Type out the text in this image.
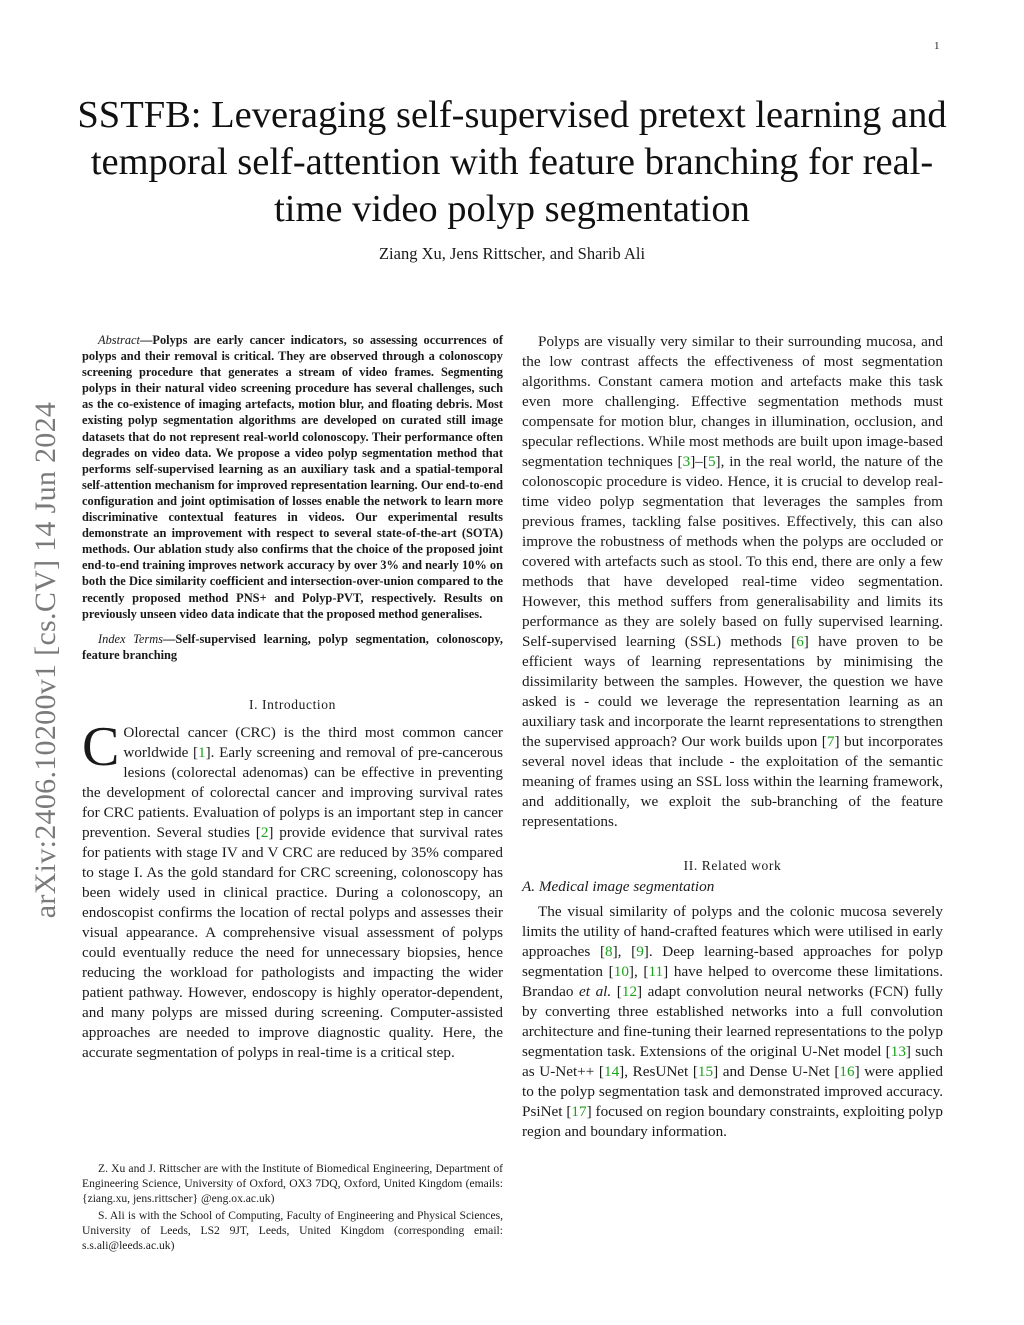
1
arXiv:2406.10200v1 [cs.CV] 14 Jun 2024
SSTFB: Leveraging self-supervised pretext learning and temporal self-attention with feature branching for real-time video polyp segmentation
Ziang Xu, Jens Rittscher, and Sharib Ali

Abstract—Polyps are early cancer indicators, so assessing occurrences of polyps and their removal is critical. They are observed through a colonoscopy screening procedure that generates a stream of video frames. Segmenting polyps in their natural video screening procedure has several challenges, such as the co-existence of imaging artefacts, motion blur, and floating debris. Most existing polyp segmentation algorithms are developed on curated still image datasets that do not represent real-world colonoscopy. Their performance often degrades on video data. We propose a video polyp segmentation method that performs self-supervised learning as an auxiliary task and a spatial-temporal self-attention mechanism for improved representation learning. Our end-to-end configuration and joint optimisation of losses enable the network to learn more discriminative contextual features in videos. Our experimental results demonstrate an improvement with respect to several state-of-the-art (SOTA) methods. Our ablation study also confirms that the choice of the proposed joint end-to-end training improves network accuracy by over 3% and nearly 10% on both the Dice similarity coefficient and intersection-over-union compared to the recently proposed method PNS+ and Polyp-PVT, respectively. Results on previously unseen video data indicate that the proposed method generalises.

Index Terms—Self-supervised learning, polyp segmentation, colonoscopy, feature branching

I. Introduction

C Olorectal cancer (CRC) is the third most common cancer worldwide [1]. Early screening and removal of pre-cancerous lesions (colorectal adenomas) can be effective in preventing the development of colorectal cancer and improving survival rates for CRC patients. Evaluation of polyps is an important step in cancer prevention. Several studies [2] provide evidence that survival rates for patients with stage IV and V CRC are reduced by 35% compared to stage I. As the gold standard for CRC screening, colonoscopy has been widely used in clinical practice. During a colonoscopy, an endoscopist confirms the location of rectal polyps and assesses their visual appearance. A comprehensive visual assessment of polyps could eventually reduce the need for unnecessary biopsies, hence reducing the workload for pathologists and impacting the wider patient pathway. However, endoscopy is highly operator-dependent, and many polyps are missed during screening. Computer-assisted approaches are needed to improve diagnostic quality. Here, the accurate segmentation of polyps in real-time is a critical step.

Z. Xu and J. Rittscher are with the Institute of Biomedical Engineering, Department of Engineering Science, University of Oxford, OX3 7DQ, Oxford, United Kingdom (emails: {ziang.xu, jens.rittscher} @eng.ox.ac.uk)

S. Ali is with the School of Computing, Faculty of Engineering and Physical Sciences, University of Leeds, LS2 9JT, Leeds, United Kingdom (corresponding email: s.s.ali@leeds.ac.uk)

Polyps are visually very similar to their surrounding mucosa, and the low contrast affects the effectiveness of most segmentation algorithms. Constant camera motion and artefacts make this task even more challenging. Effective segmentation methods must compensate for motion blur, changes in illumination, occlusion, and specular reflections. While most methods are built upon image-based segmentation techniques [3]–[5], in the real world, the nature of the colonoscopic procedure is video. Hence, it is crucial to develop real-time video polyp segmentation that leverages the samples from previous frames, tackling false positives. Effectively, this can also improve the robustness of methods when the polyps are occluded or covered with artefacts such as stool. To this end, there are only a few methods that have developed real-time video segmentation. However, this method suffers from generalisability and limits its performance as they are solely based on fully supervised learning. Self-supervised learning (SSL) methods [6] have proven to be efficient ways of learning representations by minimising the dissimilarity between the samples. However, the question we have asked is - could we leverage the representation learning as an auxiliary task and incorporate the learnt representations to strengthen the supervised approach? Our work builds upon [7] but incorporates several novel ideas that include - the exploitation of the semantic meaning of frames using an SSL loss within the learning framework, and additionally, we exploit the sub-branching of the feature representations.

II. Related work
A. Medical image segmentation

The visual similarity of polyps and the colonic mucosa severely limits the utility of hand-crafted features which were utilised in early approaches [8], [9]. Deep learning-based approaches for polyp segmentation [10], [11] have helped to overcome these limitations. Brandao et al. [12] adapt convolution neural networks (FCN) fully by converting three established networks into a full convolution architecture and fine-tuning their learned representations to the polyp segmentation task. Extensions of the original U-Net model [13] such as U-Net++ [14], ResUNet [15] and Dense U-Net [16] were applied to the polyp segmentation task and demonstrated improved accuracy. PsiNet [17] focused on region boundary constraints, exploiting polyp region and boundary information.
